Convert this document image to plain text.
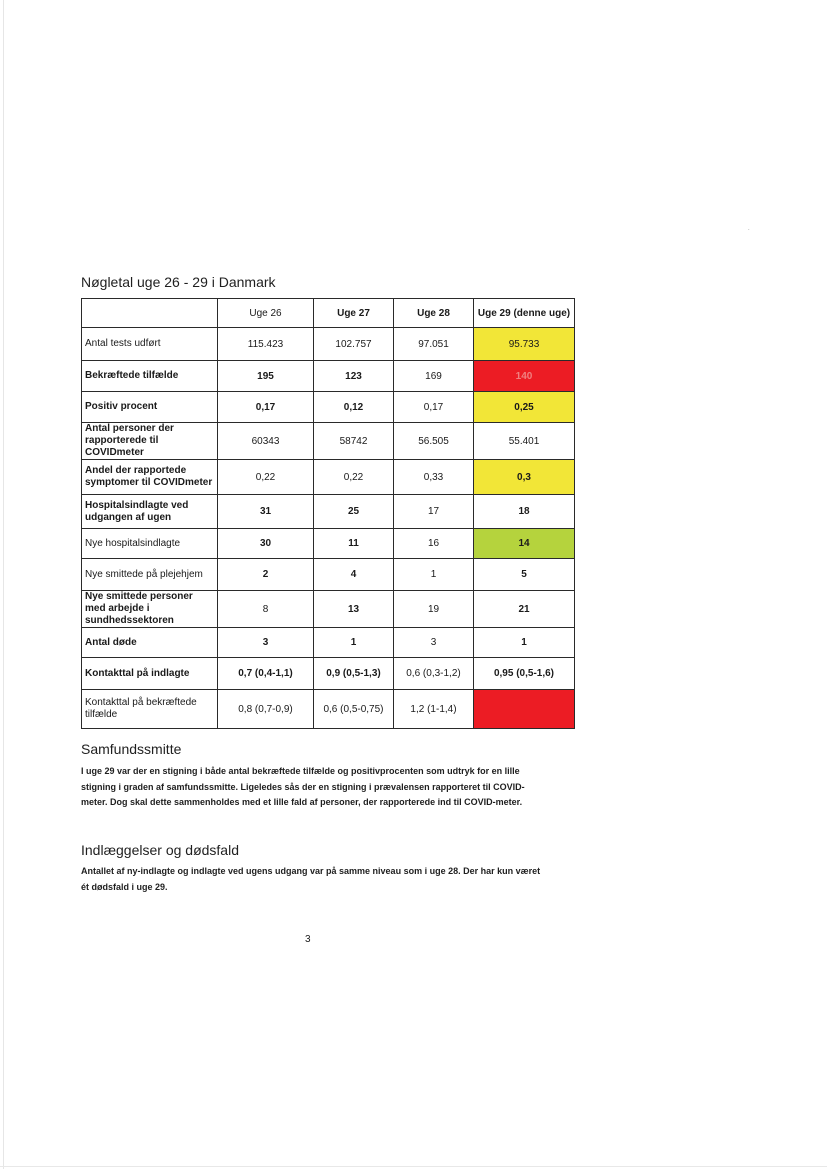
.
Nøgletal uge 26 - 29 i Danmark
	Uge 26	Uge 27	Uge 28	Uge 29 (denne uge)
Antal tests udført	115.423	102.757	97.051	95.733
Bekræftede tilfælde	195	123	169	140
Positiv procent	0,17	0,12	0,17	0,25
Antal personer der rapporterede til COVIDmeter	60343	58742	56.505	55.401
Andel der rapportede symptomer til COVIDmeter	0,22	0,22	0,33	0,3
Hospitalsindlagte ved udgangen af ugen	31	25	17	18
Nye hospitalsindlagte	30	11	16	14
Nye smittede på plejehjem	2	4	1	5
Nye smittede personer med arbejde i sundhedssektoren	8	13	19	21
Antal døde	3	1	3	1
Kontakttal på indlagte	0,7 (0,4-1,1)	0,9 (0,5-1,3)	0,6 (0,3-1,2)	0,95 (0,5-1,6)
Kontakttal på bekræftede tilfælde	0,8 (0,7-0,9)	0,6 (0,5-0,75)	1,2 (1-1,4)	
Samfundssmitte

I uge 29 var der en stigning i både antal bekræftede tilfælde og positivprocenten som udtryk for en lille stigning i graden af samfundssmitte. Ligeledes sås der en stigning i prævalensen rapporteret til COVID-meter. Dog skal dette sammenholdes med et lille fald af personer, der rapporterede ind til COVID-meter.

Indlæggelser og dødsfald

Antallet af ny-indlagte og indlagte ved ugens udgang var på samme niveau som i uge 28. Der har kun været ét dødsfald i uge 29.

3
